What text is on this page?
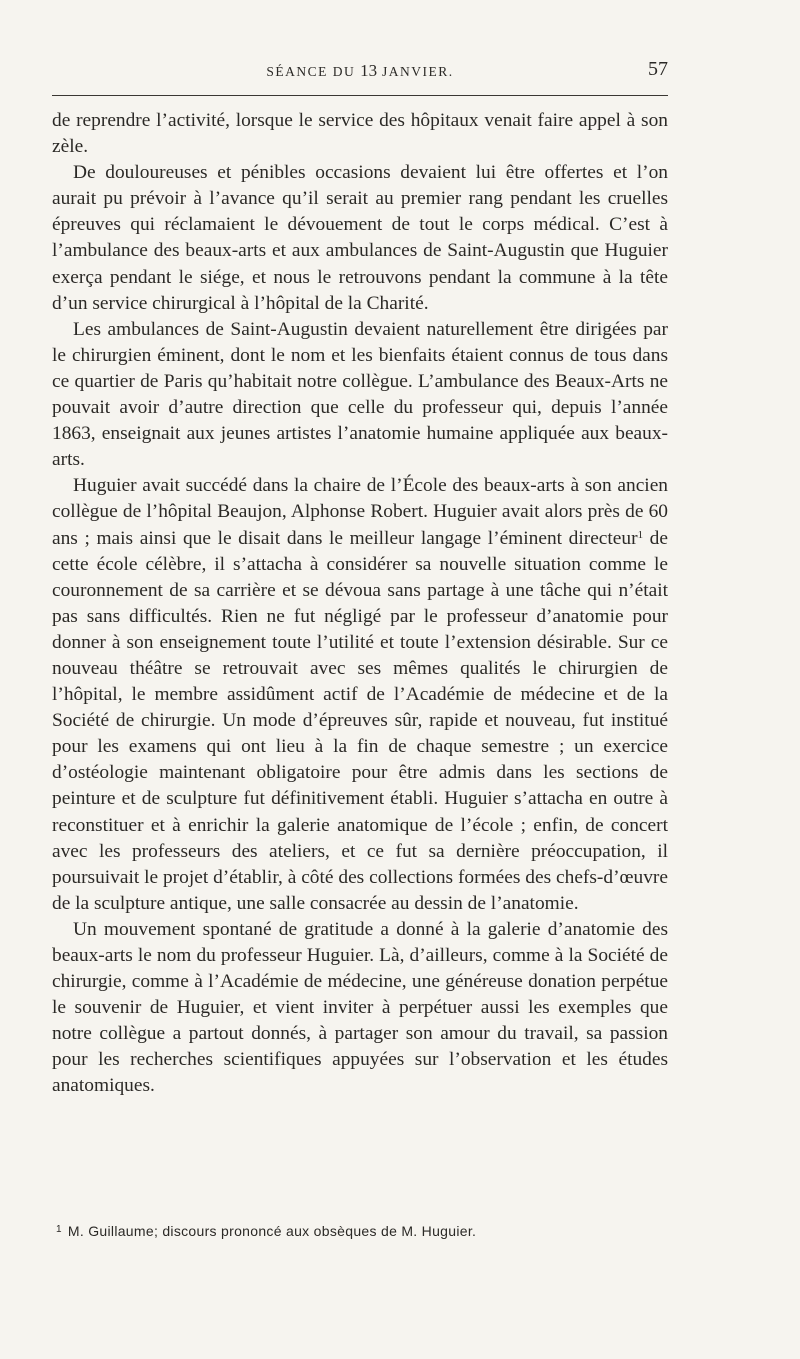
SÉANCE DU 13 JANVIER.	57

de reprendre l’activité, lorsque le service des hôpitaux venait faire appel à son zèle.

De douloureuses et pénibles occasions devaient lui être offertes et l’on aurait pu prévoir à l’avance qu’il serait au premier rang pendant les cruelles épreuves qui réclamaient le dévouement de tout le corps médical. C’est à l’ambulance des beaux-arts et aux ambulances de Saint-Augustin que Huguier exerça pendant le siége, et nous le retrouvons pendant la commune à la tête d’un service chirurgical à l’hôpital de la Charité.

Les ambulances de Saint-Augustin devaient naturellement être dirigées par le chirurgien éminent, dont le nom et les bienfaits étaient connus de tous dans ce quartier de Paris qu’habitait notre collègue. L’ambulance des Beaux-Arts ne pouvait avoir d’autre direction que celle du professeur qui, depuis l’année 1863, enseignait aux jeunes artistes l’anatomie humaine appliquée aux beaux-arts.

Huguier avait succédé dans la chaire de l’École des beaux-arts à son ancien collègue de l’hôpital Beaujon, Alphonse Robert. Huguier avait alors près de 60 ans ; mais ainsi que le disait dans le meilleur langage l’éminent directeur$^1$ de cette école célèbre, il s’attacha à considérer sa nouvelle situation comme le couronnement de sa carrière et se dévoua sans partage à une tâche qui n’était pas sans difficultés. Rien ne fut négligé par le professeur d’anatomie pour donner à son enseignement toute l’utilité et toute l’extension désirable. Sur ce nouveau théâtre se retrouvait avec ses mêmes qualités le chirurgien de l’hôpital, le membre assidûment actif de l’Académie de médecine et de la Société de chirurgie. Un mode d’épreuves sûr, rapide et nouveau, fut institué pour les examens qui ont lieu à la fin de chaque semestre ; un exercice d’ostéologie maintenant obligatoire pour être admis dans les sections de peinture et de sculpture fut définitivement établi. Huguier s’attacha en outre à reconstituer et à enrichir la galerie anatomique de l’école ; enfin, de concert avec les professeurs des ateliers, et ce fut sa dernière préoccupation, il poursuivait le projet d’établir, à côté des collections formées des chefs-d’œuvre de la sculpture antique, une salle consacrée au dessin de l’anatomie.

Un mouvement spontané de gratitude a donné à la galerie d’anatomie des beaux-arts le nom du professeur Huguier. Là, d’ailleurs, comme à la Société de chirurgie, comme à l’Académie de médecine, une généreuse donation perpétue le souvenir de Huguier, et vient inviter à perpétuer aussi les exemples que notre collègue a partout donnés, à partager son amour du travail, sa passion pour les recherches scientifiques appuyées sur l’observation et les études anatomiques.

$^1$ M. Guillaume; discours prononcé aux obsèques de M. Huguier.
